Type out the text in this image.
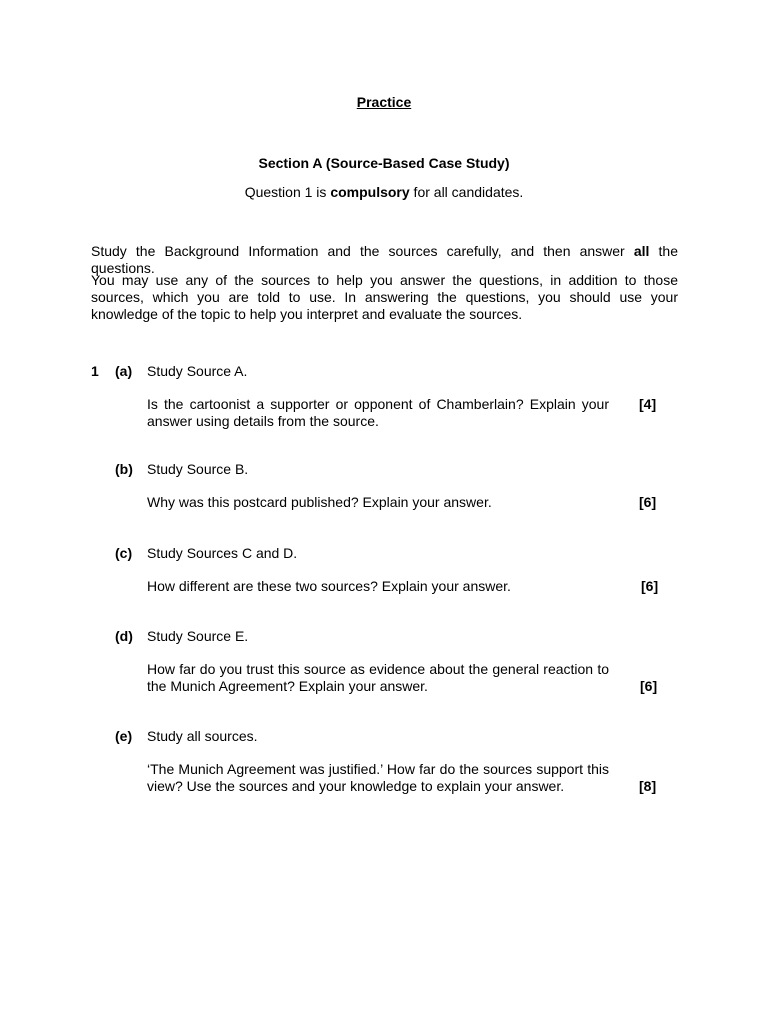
Practice
Section A (Source-Based Case Study)
Question 1 is compulsory for all candidates.
Study the Background Information and the sources carefully, and then answer all the questions.
You may use any of the sources to help you answer the questions, in addition to those sources, which you are told to use. In answering the questions, you should use your knowledge of the topic to help you interpret and evaluate the sources.
1 (a) Study Source A.
Is the cartoonist a supporter or opponent of Chamberlain? Explain your answer using details from the source.
[4]
(b) Study Source B.
Why was this postcard published? Explain your answer.	[6]
(c) Study Sources C and D.
How different are these two sources? Explain your answer.	[6]
(d) Study Source E.
How far do you trust this source as evidence about the general reaction to the Munich Agreement? Explain your answer.	[6]
(e) Study all sources.
‘The Munich Agreement was justified.’ How far do the sources support this view? Use the sources and your knowledge to explain your answer.	[8]
